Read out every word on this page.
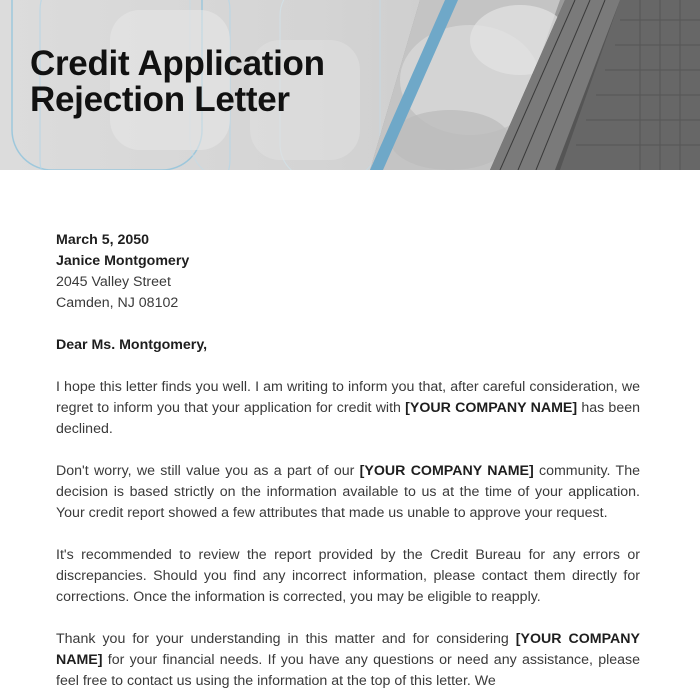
Credit Application
Rejection Letter
March 5, 2050
Janice Montgomery
2045 Valley Street
Camden, NJ 08102
Dear Ms. Montgomery,

I hope this letter finds you well. I am writing to inform you that, after careful consideration, we regret to inform you that your application for credit with [YOUR COMPANY NAME] has been declined.

Don't worry, we still value you as a part of our [YOUR COMPANY NAME] community. The decision is based strictly on the information available to us at the time of your application. Your credit report showed a few attributes that made us unable to approve your request.

It's recommended to review the report provided by the Credit Bureau for any errors or discrepancies. Should you find any incorrect information, please contact them directly for corrections. Once the information is corrected, you may be eligible to reapply.

Thank you for your understanding in this matter and for considering [YOUR COMPANY NAME] for your financial needs. If you have any questions or need any assistance, please feel free to contact us using the information at the top of this letter. We
